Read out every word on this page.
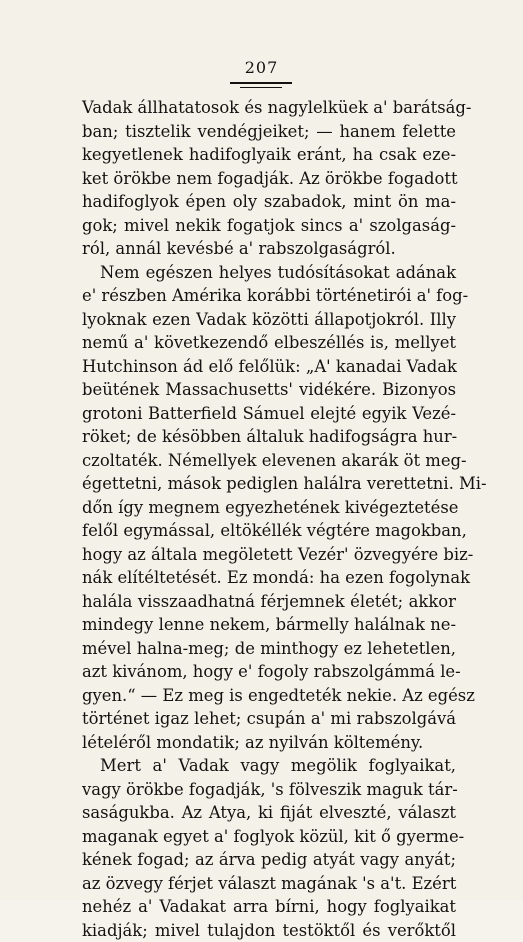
207
Vadak állhatatosok és nagylelküek a' barátság-
ban; tisztelik vendégjeiket; — hanem felette
kegyetlenek hadifoglyaik eránt, ha csak eze-
ket örökbe nem fogadják. Az örökbe fogadott
hadifoglyok épen oly szabadok, mint ön ma-
gok; mivel nekik fogatjok sincs a' szolgaság-
ról, annál kevésbé a' rabszolgaságról.
Nem egészen helyes tudósításokat adának
e' részben Amérika korábbi történetirói a' fog-
lyoknak ezen Vadak közötti állapotjokról. Illy
nemű a' következendő elbeszéllés is, mellyet
Hutchinson ád elő felőlük: „A' kanadai Vadak
beütének Massachusetts' vidékére. Bizonyos
grotoni Batterfield Sámuel elejté egyik Vezé-
röket; de késöbben általuk hadifogságra hur-
czoltaték. Némellyek elevenen akarák öt meg-
égettetni, mások pediglen halálra verettetni. Mi-
dőn így megnem egyezhetének kivégeztetése
felől egymással, eltökéllék végtére magokban,
hogy az általa megöletett Vezér' özvegyére biz-
nák elítéltetését. Ez mondá: ha ezen fogolynak
halála visszaadhatná férjemnek életét; akkor
mindegy lenne nekem, bármelly halálnak ne-
mével halna-meg; de minthogy ez lehetetlen,
azt kivánom, hogy e' fogoly rabszolgámmá le-
gyen.“ — Ez meg is engedteték nekie. Az egész
történet igaz lehet; csupán a' mi rabszolgává
lételéről mondatik; az nyilván költemény.
Mert a' Vadak vagy megölik foglyaikat,
vagy örökbe fogadják, 's fölveszik maguk tár-
saságukba. Az Atya, ki fiját elveszté, választ
maganak egyet a' foglyok közül, kit ő gyerme-
kének fogad; az árva pedig atyát vagy anyát;
az özvegy férjet választ magának 's a't. Ezért
nehéz a' Vadakat arra bírni, hogy foglyaikat
kiadják; mivel tulajdon testöktől és verőktől
